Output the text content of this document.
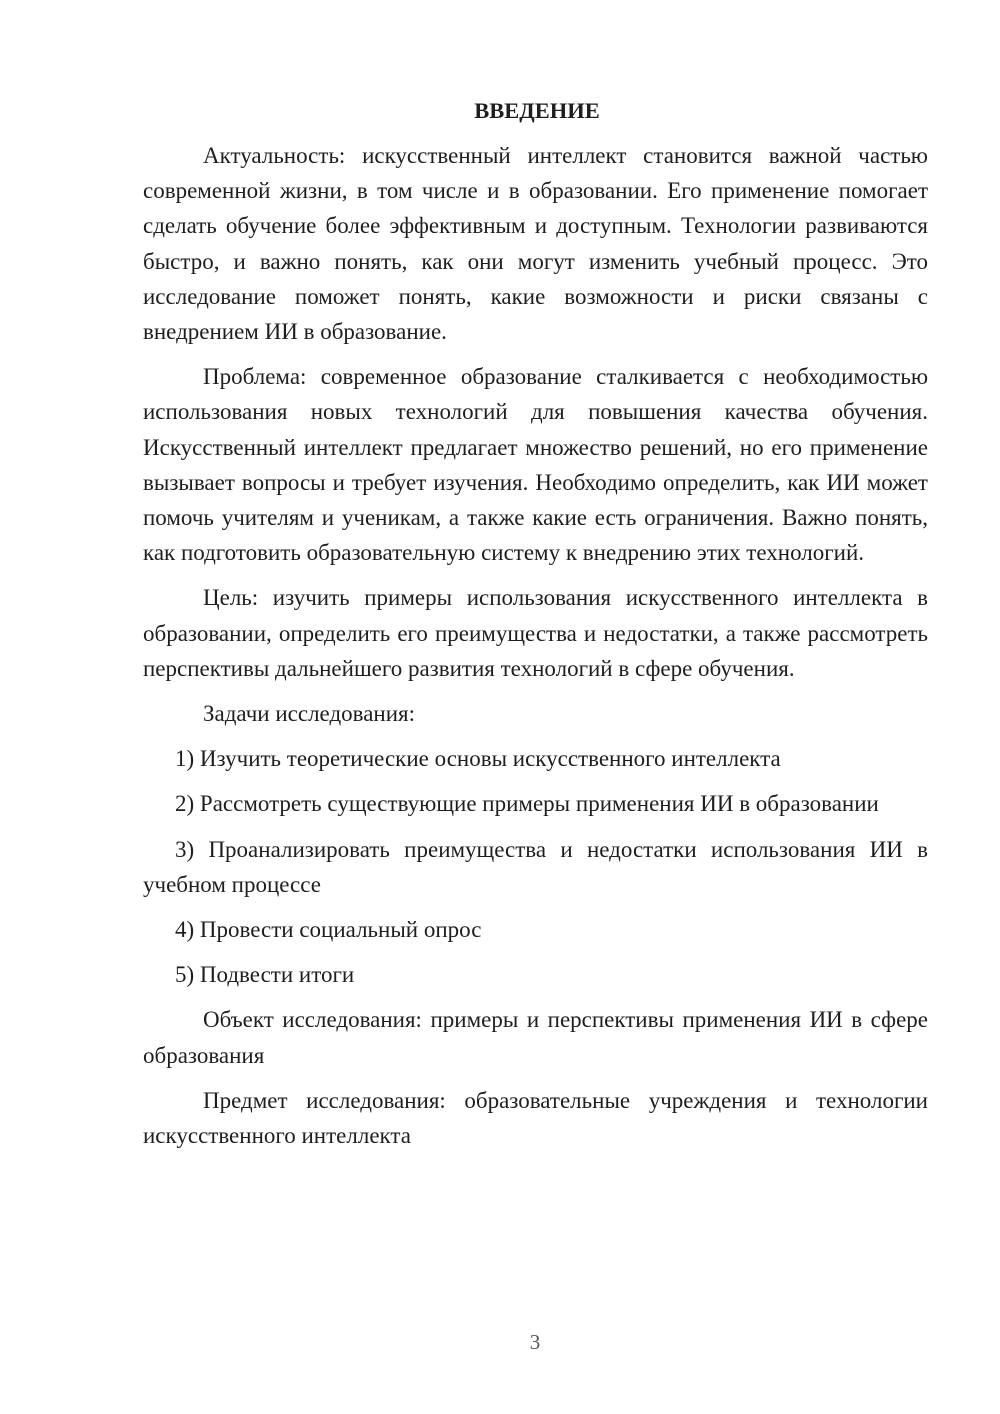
ВВЕДЕНИЕ

Актуальность: искусственный интеллект становится важной частью современной жизни, в том числе и в образовании. Его применение помогает сделать обучение более эффективным и доступным. Технологии развиваются быстро, и важно понять, как они могут изменить учебный процесс. Это исследование поможет понять, какие возможности и риски связаны с внедрением ИИ в образование.

Проблема: современное образование сталкивается с необходимостью использования новых технологий для повышения качества обучения. Искусственный интеллект предлагает множество решений, но его применение вызывает вопросы и требует изучения. Необходимо определить, как ИИ может помочь учителям и ученикам, а также какие есть ограничения. Важно понять, как подготовить образовательную систему к внедрению этих технологий.

Цель: изучить примеры использования искусственного интеллекта в образовании, определить его преимущества и недостатки, а также рассмотреть перспективы дальнейшего развития технологий в сфере обучения.

Задачи исследования:

1) Изучить теоретические основы искусственного интеллекта

2) Рассмотреть существующие примеры применения ИИ в образовании

3) Проанализировать преимущества и недостатки использования ИИ в учебном процессе

4) Провести социальный опрос

5) Подвести итоги

Объект исследования: примеры и перспективы применения ИИ в сфере образования

Предмет исследования: образовательные учреждения и технологии искусственного интеллекта

3
